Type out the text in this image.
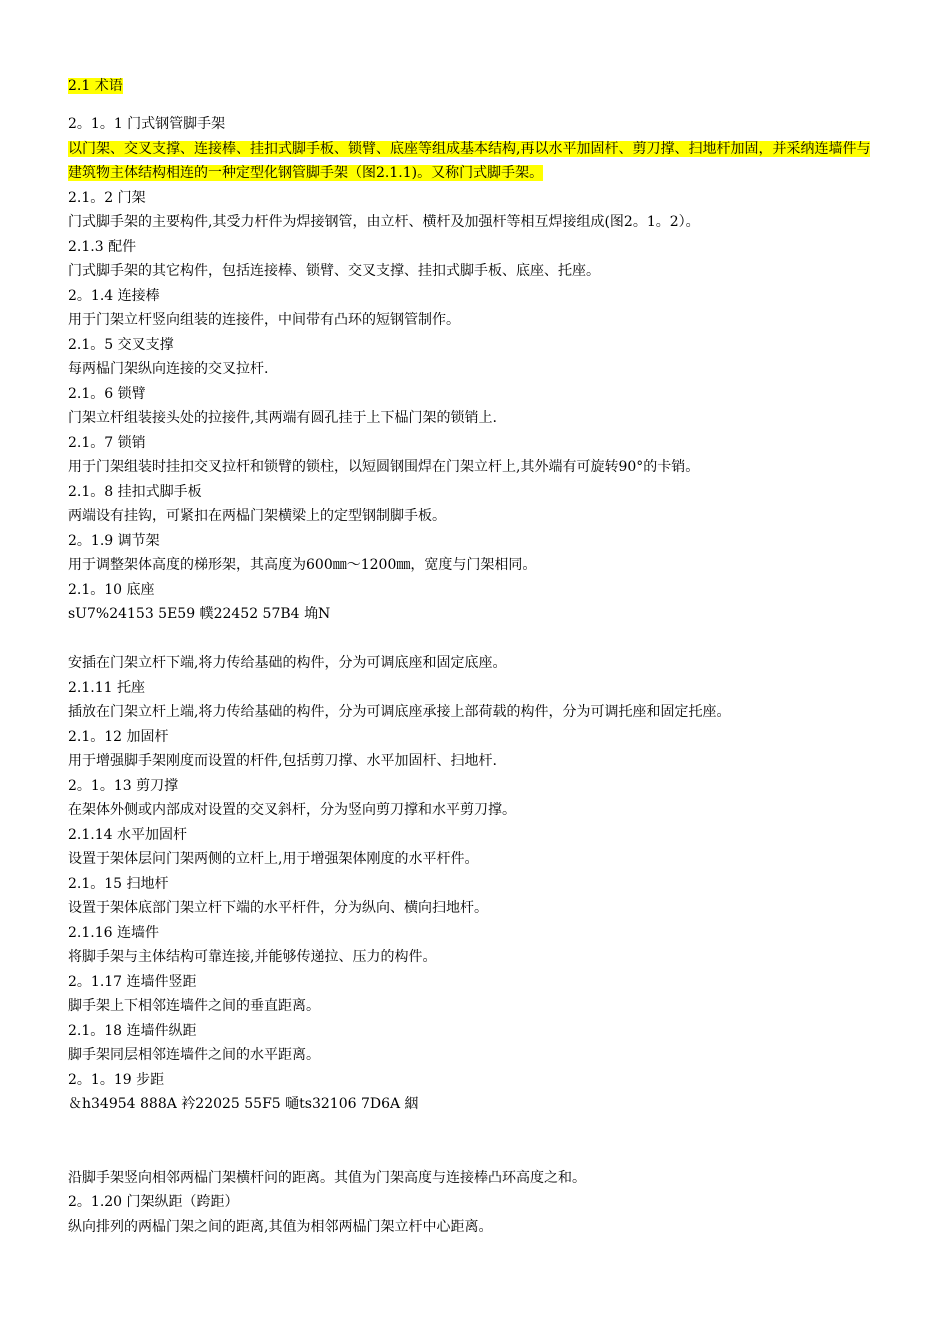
2.1 术语
2。1。1 门式钢管脚手架
以门架、交叉支撑、连接棒、挂扣式脚手板、锁臂、底座等组成基本结构,再以水平加固杆、剪刀撑、扫地杆加固，并采纳连墙件与建筑物主体结构相连的一种定型化钢管脚手架（图2.1.1)。又称门式脚手架。
2.1。2 门架
门式脚手架的主要构件,其受力杆件为焊接钢管，由立杆、横杆及加强杆等相互焊接组成(图2。1。2）。
2.1.3 配件
门式脚手架的其它构件，包括连接棒、锁臂、交叉支撑、挂扣式脚手板、底座、托座。
2。1.4 连接棒
用于门架立杆竖向组装的连接件，中间带有凸环的短钢管制作。
2.1。5 交叉支撑
每两榀门架纵向连接的交叉拉杆.
2.1。6 锁臂
门架立杆组装接头处的拉接件,其两端有圆孔挂于上下榀门架的锁销上.
2.1。7 锁销
用于门架组装时挂扣交叉拉杆和锁臂的锁柱，以短圆钢围焊在门架立杆上,其外端有可旋转90°的卡销。
2.1。8 挂扣式脚手板
两端设有挂钩，可紧扣在两榀门架横梁上的定型钢制脚手板。
2。1.9 调节架
用于调整架体高度的梯形架，其高度为600㎜～1200㎜，宽度与门架相同。
2.1。10 底座
sU7%24153 5E59 幞22452 57B4 埆N
安插在门架立杆下端,将力传给基础的构件，分为可调底座和固定底座。
2.1.11 托座
插放在门架立杆上端,将力传给基础的构件，分为可调底座承接上部荷载的构件，分为可调托座和固定托座。
2.1。12 加固杆
用于增强脚手架刚度而设置的杆件,包括剪刀撑、水平加固杆、扫地杆.
2。1。13 剪刀撑
在架体外侧或内部成对设置的交叉斜杆，分为竖向剪刀撑和水平剪刀撑。
2.1.14 水平加固杆
设置于架体层问门架两侧的立杆上,用于增强架体刚度的水平杆件。
2.1。15 扫地杆
设置于架体底部门架立杆下端的水平杆件，分为纵向、横向扫地杆。
2.1.16 连墙件
将脚手架与主体结构可靠连接,并能够传递拉、压力的构件。
2。1.17 连墙件竖距
脚手架上下相邻连墙件之间的垂直距离。
2.1。18 连墙件纵距
脚手架同层相邻连墙件之间的水平距离。
2。1。19 步距
＆h34954 888A 衿22025 55F5 嗵ts32106 7D6A 絪
沿脚手架竖向相邻两榀门架横杆问的距离。其值为门架高度与连接棒凸环高度之和。
2。1.20 门架纵距（跨距）
纵向排列的两榀门架之间的距离,其值为相邻两榀门架立杆中心距离。
